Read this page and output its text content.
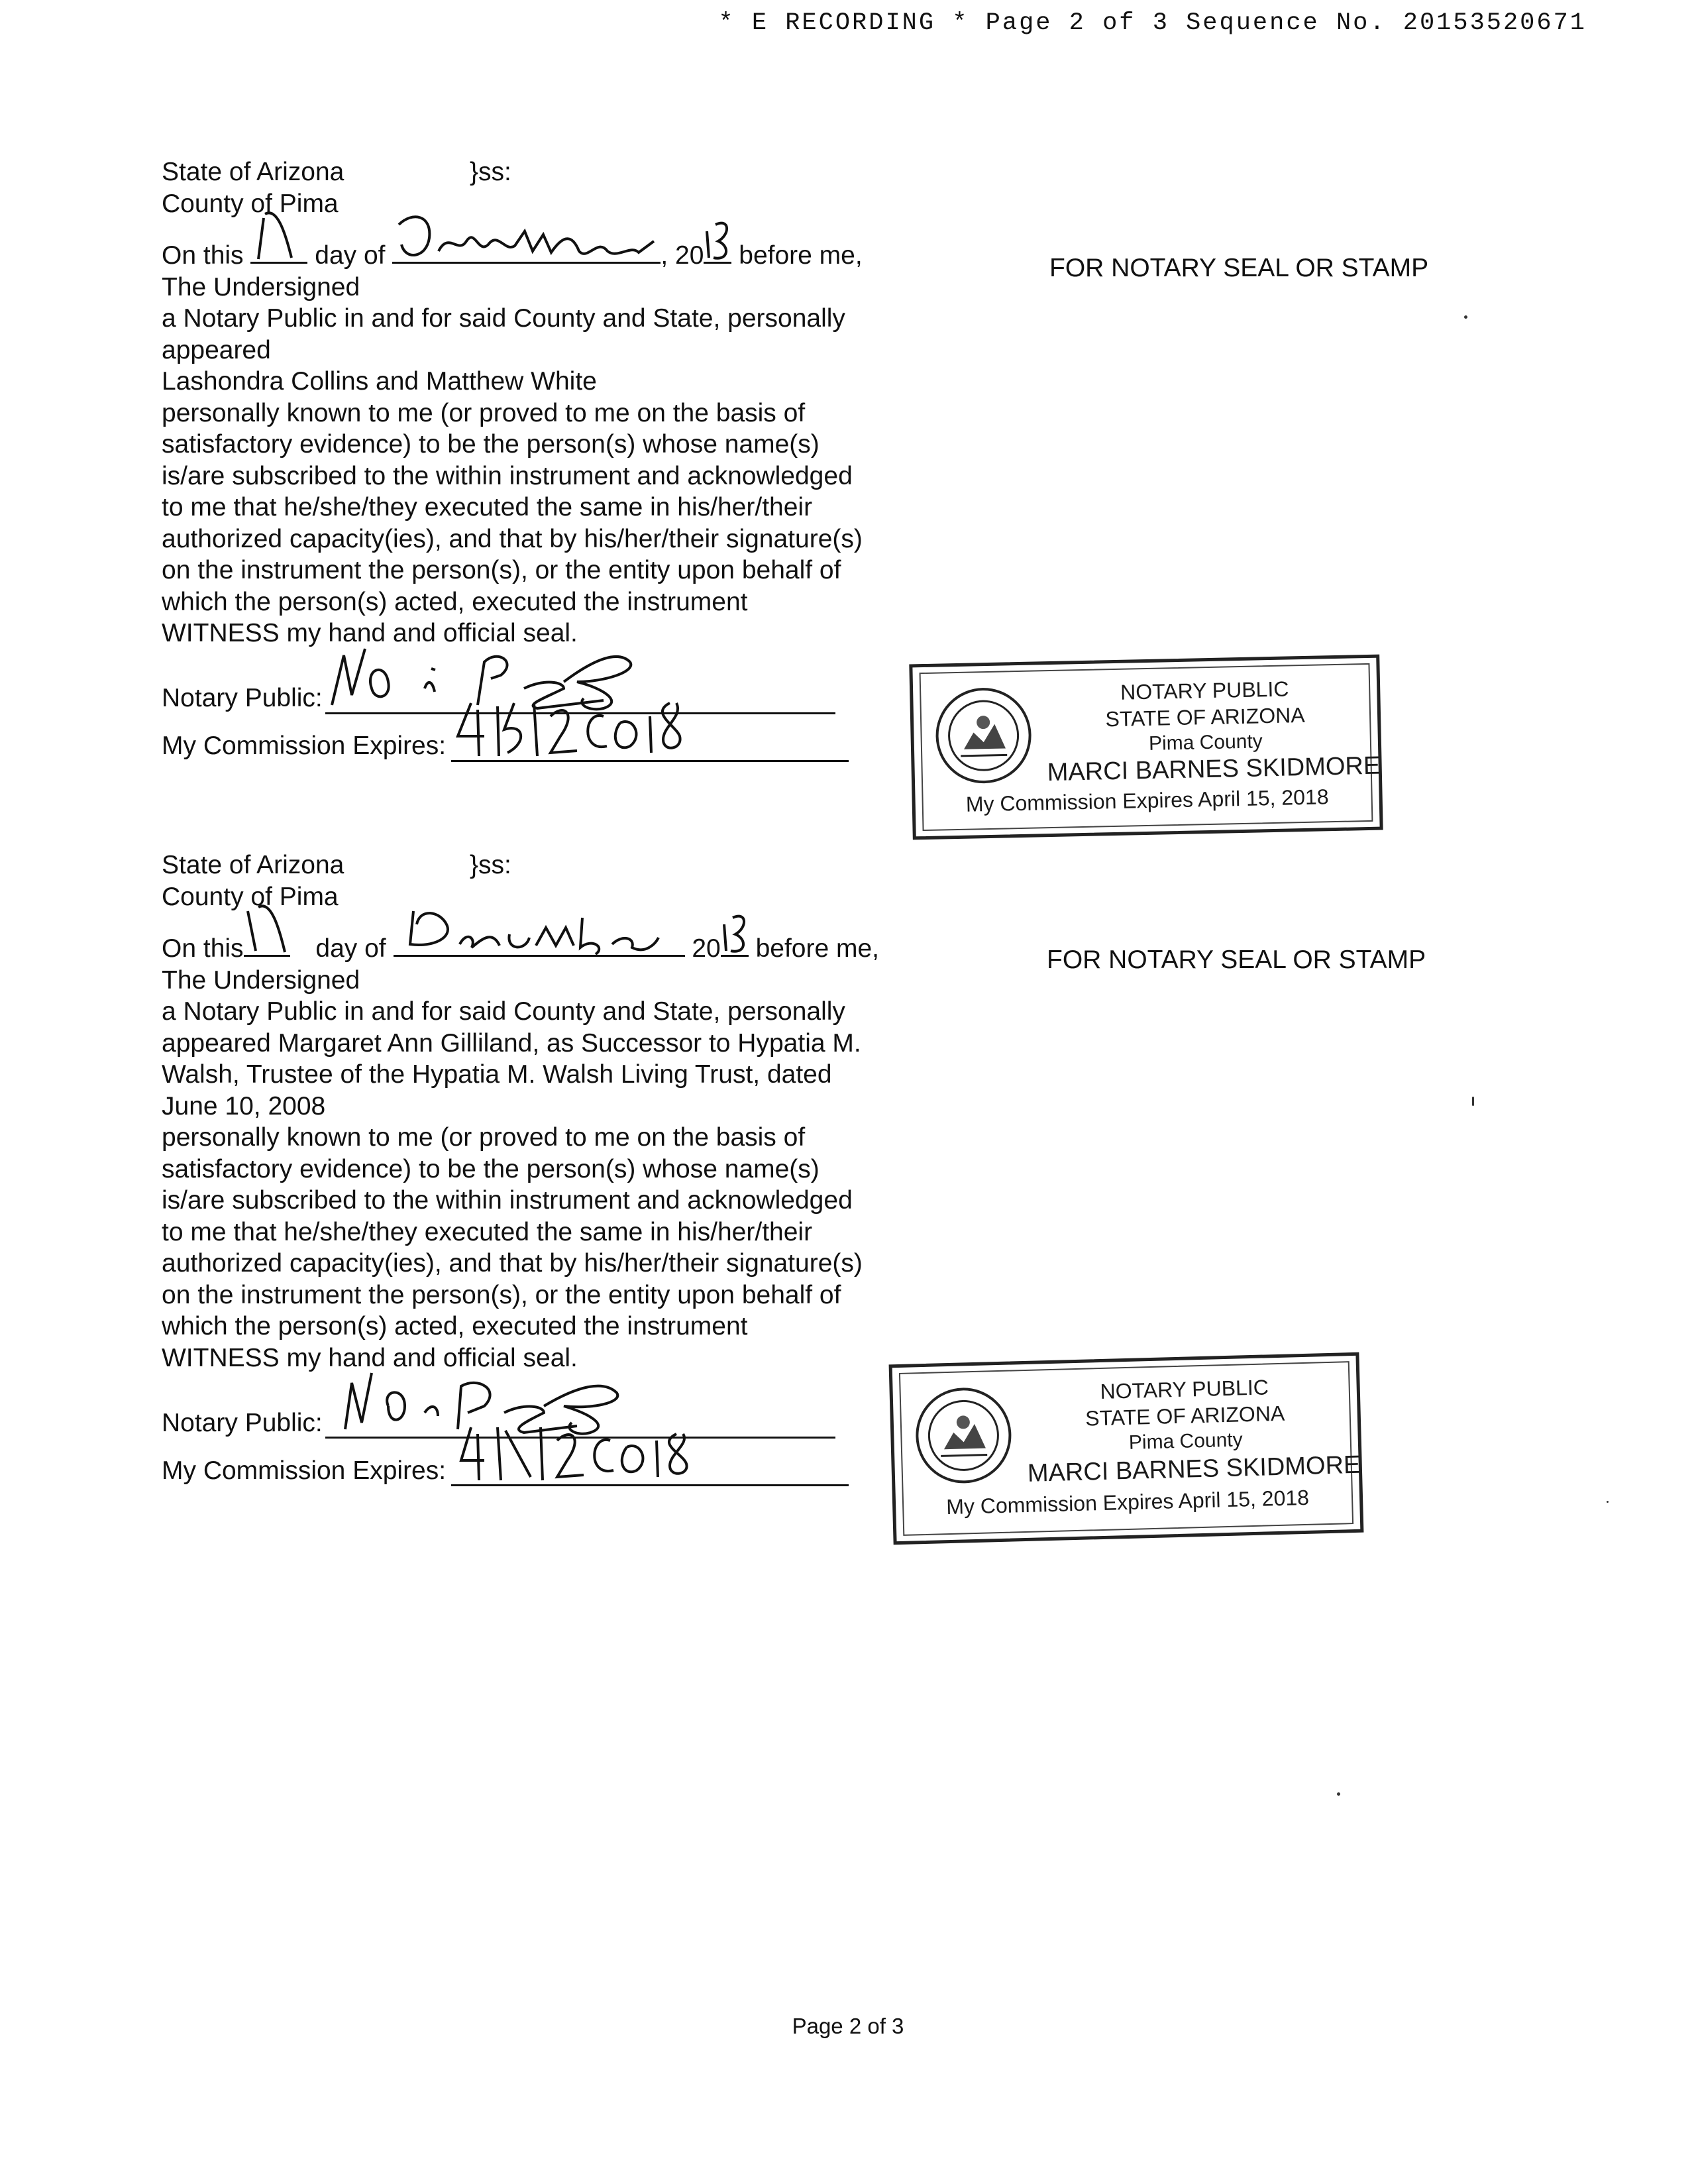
* E RECORDING * Page 2 of 3 Sequence No. 20153520671
State of Arizona	}ss:
County of Pima
On this	day of	, 20 before me,
The Undersigned
a Notary Public in and for said County and State, personally
appeared
Lashondra Collins and Matthew White
personally known to me (or proved to me on the basis of
satisfactory evidence) to be the person(s) whose name(s)
is/are subscribed to the within instrument and acknowledged
to me that he/she/they executed the same in his/her/their
authorized capacity(ies), and that by his/her/their signature(s)
on the instrument the person(s), or the entity upon behalf of
which the person(s) acted, executed the instrument
WITNESS my hand and official seal.
Notary Public:
My Commission Expires:
FOR NOTARY SEAL OR STAMP
NOTARY PUBLIC
STATE OF ARIZONA
Pima County
MARCI BARNES SKIDMORE
My Commission Expires April 15, 2018
State of Arizona	}ss:
County of Pima
On this	day of	20 before me,
The Undersigned
a Notary Public in and for said County and State, personally
appeared Margaret Ann Gilliland, as Successor to Hypatia M.
Walsh, Trustee of the Hypatia M. Walsh Living Trust, dated
June 10, 2008
personally known to me (or proved to me on the basis of
satisfactory evidence) to be the person(s) whose name(s)
is/are subscribed to the within instrument and acknowledged
to me that he/she/they executed the same in his/her/their
authorized capacity(ies), and that by his/her/their signature(s)
on the instrument the person(s), or the entity upon behalf of
which the person(s) acted, executed the instrument
WITNESS my hand and official seal.
Notary Public:
My Commission Expires:
FOR NOTARY SEAL OR STAMP
NOTARY PUBLIC
STATE OF ARIZONA
Pima County
MARCI BARNES SKIDMORE
My Commission Expires April 15, 2018
Page 2 of 3
